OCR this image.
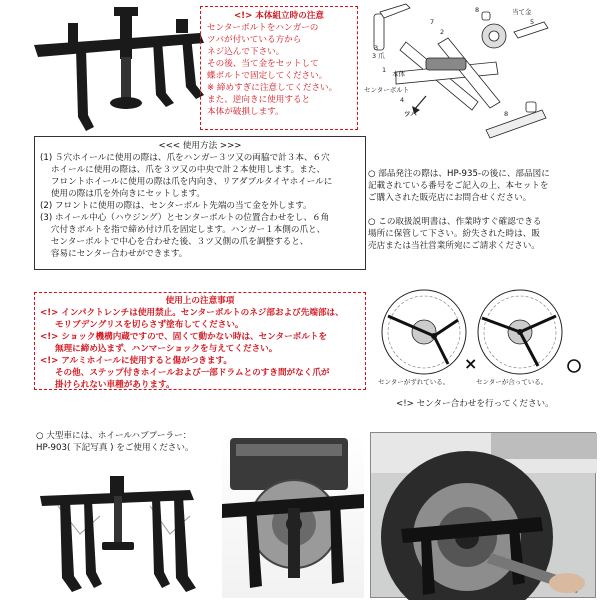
<!> 本体組立時の注意
センターボルトをハンガーの
ツバが付いている方から
ネジ込んで下さい。
その後、当て金をセットして
蝶ボルトで固定してください。
※ 締めすぎに注意してください。
また、逆向きに使用すると
本体が破損します。
8	当て金
5
7
2
3 爪
1 本体
センターボルト
4
ツバ	8
3
<<< 使用方法 >>>
(1) ５穴ホイールに使用の際は、爪をハンガー３ツ又の両脇で計３本、６穴
ホイールに使用の際は、爪を３ツ又の中央で計２本使用します。また、
フロントホイールに使用の際は爪を内向き、リアダブルタイヤホイールに
使用の際は爪を外向きにセットします。
(2) フロントに使用の際は、センターボルト先端の当て金を外します。
(3) ホイール中心（ハウジング）とセンターボルトの位置合わせをし、６角
穴付きボルトを指で締め付け爪を固定します。ハンガー１本側の爪と、
センターボルトで中心を合わせた後、３ツ又側の爪を調整すると、
容易にセンター合わせができます。
○ 部品発注の際は、HP-935-の後に、部品図に
記載されている番号をご記入の上、本セットを
ご購入された販売店にお問合せください。
○ この取扱説明書は、作業時すぐ確認できる
場所に保管して下さい。紛失された時は、販
売店または当社営業所宛にご請求ください。
使用上の注意事項
<!> インパクトレンチは使用禁止。センターボルトのネジ部および先端部は、
モリブデングリスを切らさず塗布してください。
<!> ショック機構内蔵ですので、固くて動かない時は、センターボルトを
無理に締め込まず、ハンマーショックを与えてください。
<!> アルミホイールに使用すると傷がつきます。
その他、ステップ付きホイールおよび一部ドラムとのすき間がなく爪が
掛けられない車種があります。
×
センターがずれている。	センターが合っている。
<!> センター合わせを行ってください。
○ 大型車には、ホイールハブプーラー：
HP-903( 下記写真 ) をご使用ください。
